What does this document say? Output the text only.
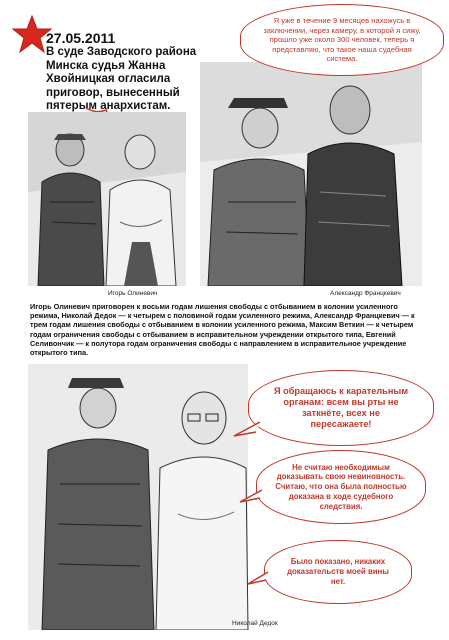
27.05.2011
В суде Заводского района Минска судья Жанна Хвойницкая огласила приговор, вынесенный пятерым анархистам.
Игорь Олиневич	Александр Францкевич
Я уже в течение 9 месяцев нахожусь в заключении, через камеру, в которой я сижу, прошло уже около 300 человек, теперь я представляю, что такое наша судебная система.
Игорь Олиневич приговорен к восьми годам лишения свободы с отбыванием в колонии усиленного режима, Николай Дедок — к четырем с половиной годам усиленного режима, Александр Францкевич — к трем годам лишения свободы с отбыванием в колонии усиленного режима, Максим Веткин — к четырем годам ограничения свободы с отбыванием в исправительном учреждении открытого типа, Евгений Селивончик — к полутора годам ограничения свободы с направлением в исправительное учреждение открытого типа.
Николай Дедок
Я обращаюсь к карательным органам: всем вы рты не заткнёте, всех не пересажаете!
Не считаю необходимым доказывать свою невиновность. Считаю, что она была полностью доказана в ходе судебного следствия.
Было показано, никаких доказательств моей вины нет.
